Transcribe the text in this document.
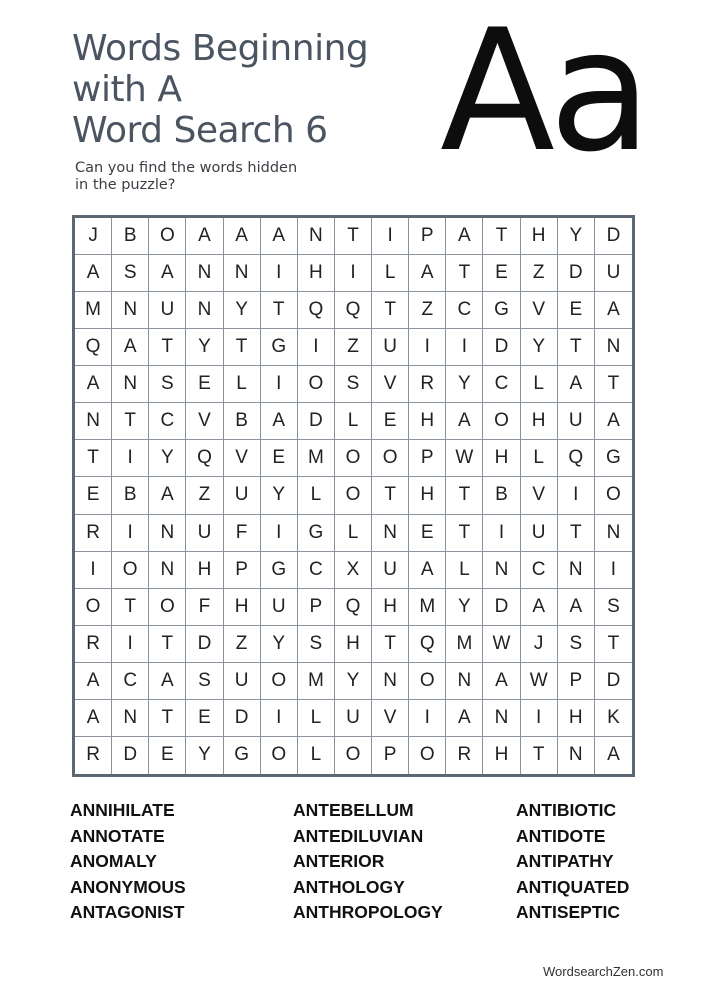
Words Beginning
with A
Word Search 6 Aa
Can you find the words hidden
in the puzzle?
J	B	O	A	A	A	N	T	I	P	A	T	H	Y	D
A	S	A	N	N	I	H	I	L	A	T	E	Z	D	U
M	N	U	N	Y	T	Q	Q	T	Z	C	G	V	E	A
Q	A	T	Y	T	G	I	Z	U	I	I	D	Y	T	N
A	N	S	E	L	I	O	S	V	R	Y	C	L	A	T
N	T	C	V	B	A	D	L	E	H	A	O	H	U	A
T	I	Y	Q	V	E	M	O	O	P	W	H	L	Q	G
E	B	A	Z	U	Y	L	O	T	H	T	B	V	I	O
R	I	N	U	F	I	G	L	N	E	T	I	U	T	N
I	O	N	H	P	G	C	X	U	A	L	N	C	N	I
O	T	O	F	H	U	P	Q	H	M	Y	D	A	A	S
R	I	T	D	Z	Y	S	H	T	Q	M	W	J	S	T
A	C	A	S	U	O	M	Y	N	O	N	A	W	P	D
A	N	T	E	D	I	L	U	V	I	A	N	I	H	K
R	D	E	Y	G	O	L	O	P	O	R	H	T	N	A
ANNIHILATE	ANTEBELLUM	ANTIBIOTIC
ANNOTATE	ANTEDILUVIAN	ANTIDOTE
ANOMALY	ANTERIOR	ANTIPATHY
ANONYMOUS	ANTHOLOGY	ANTIQUATED
ANTAGONIST	ANTHROPOLOGY	ANTISEPTIC
WordsearchZen.com
